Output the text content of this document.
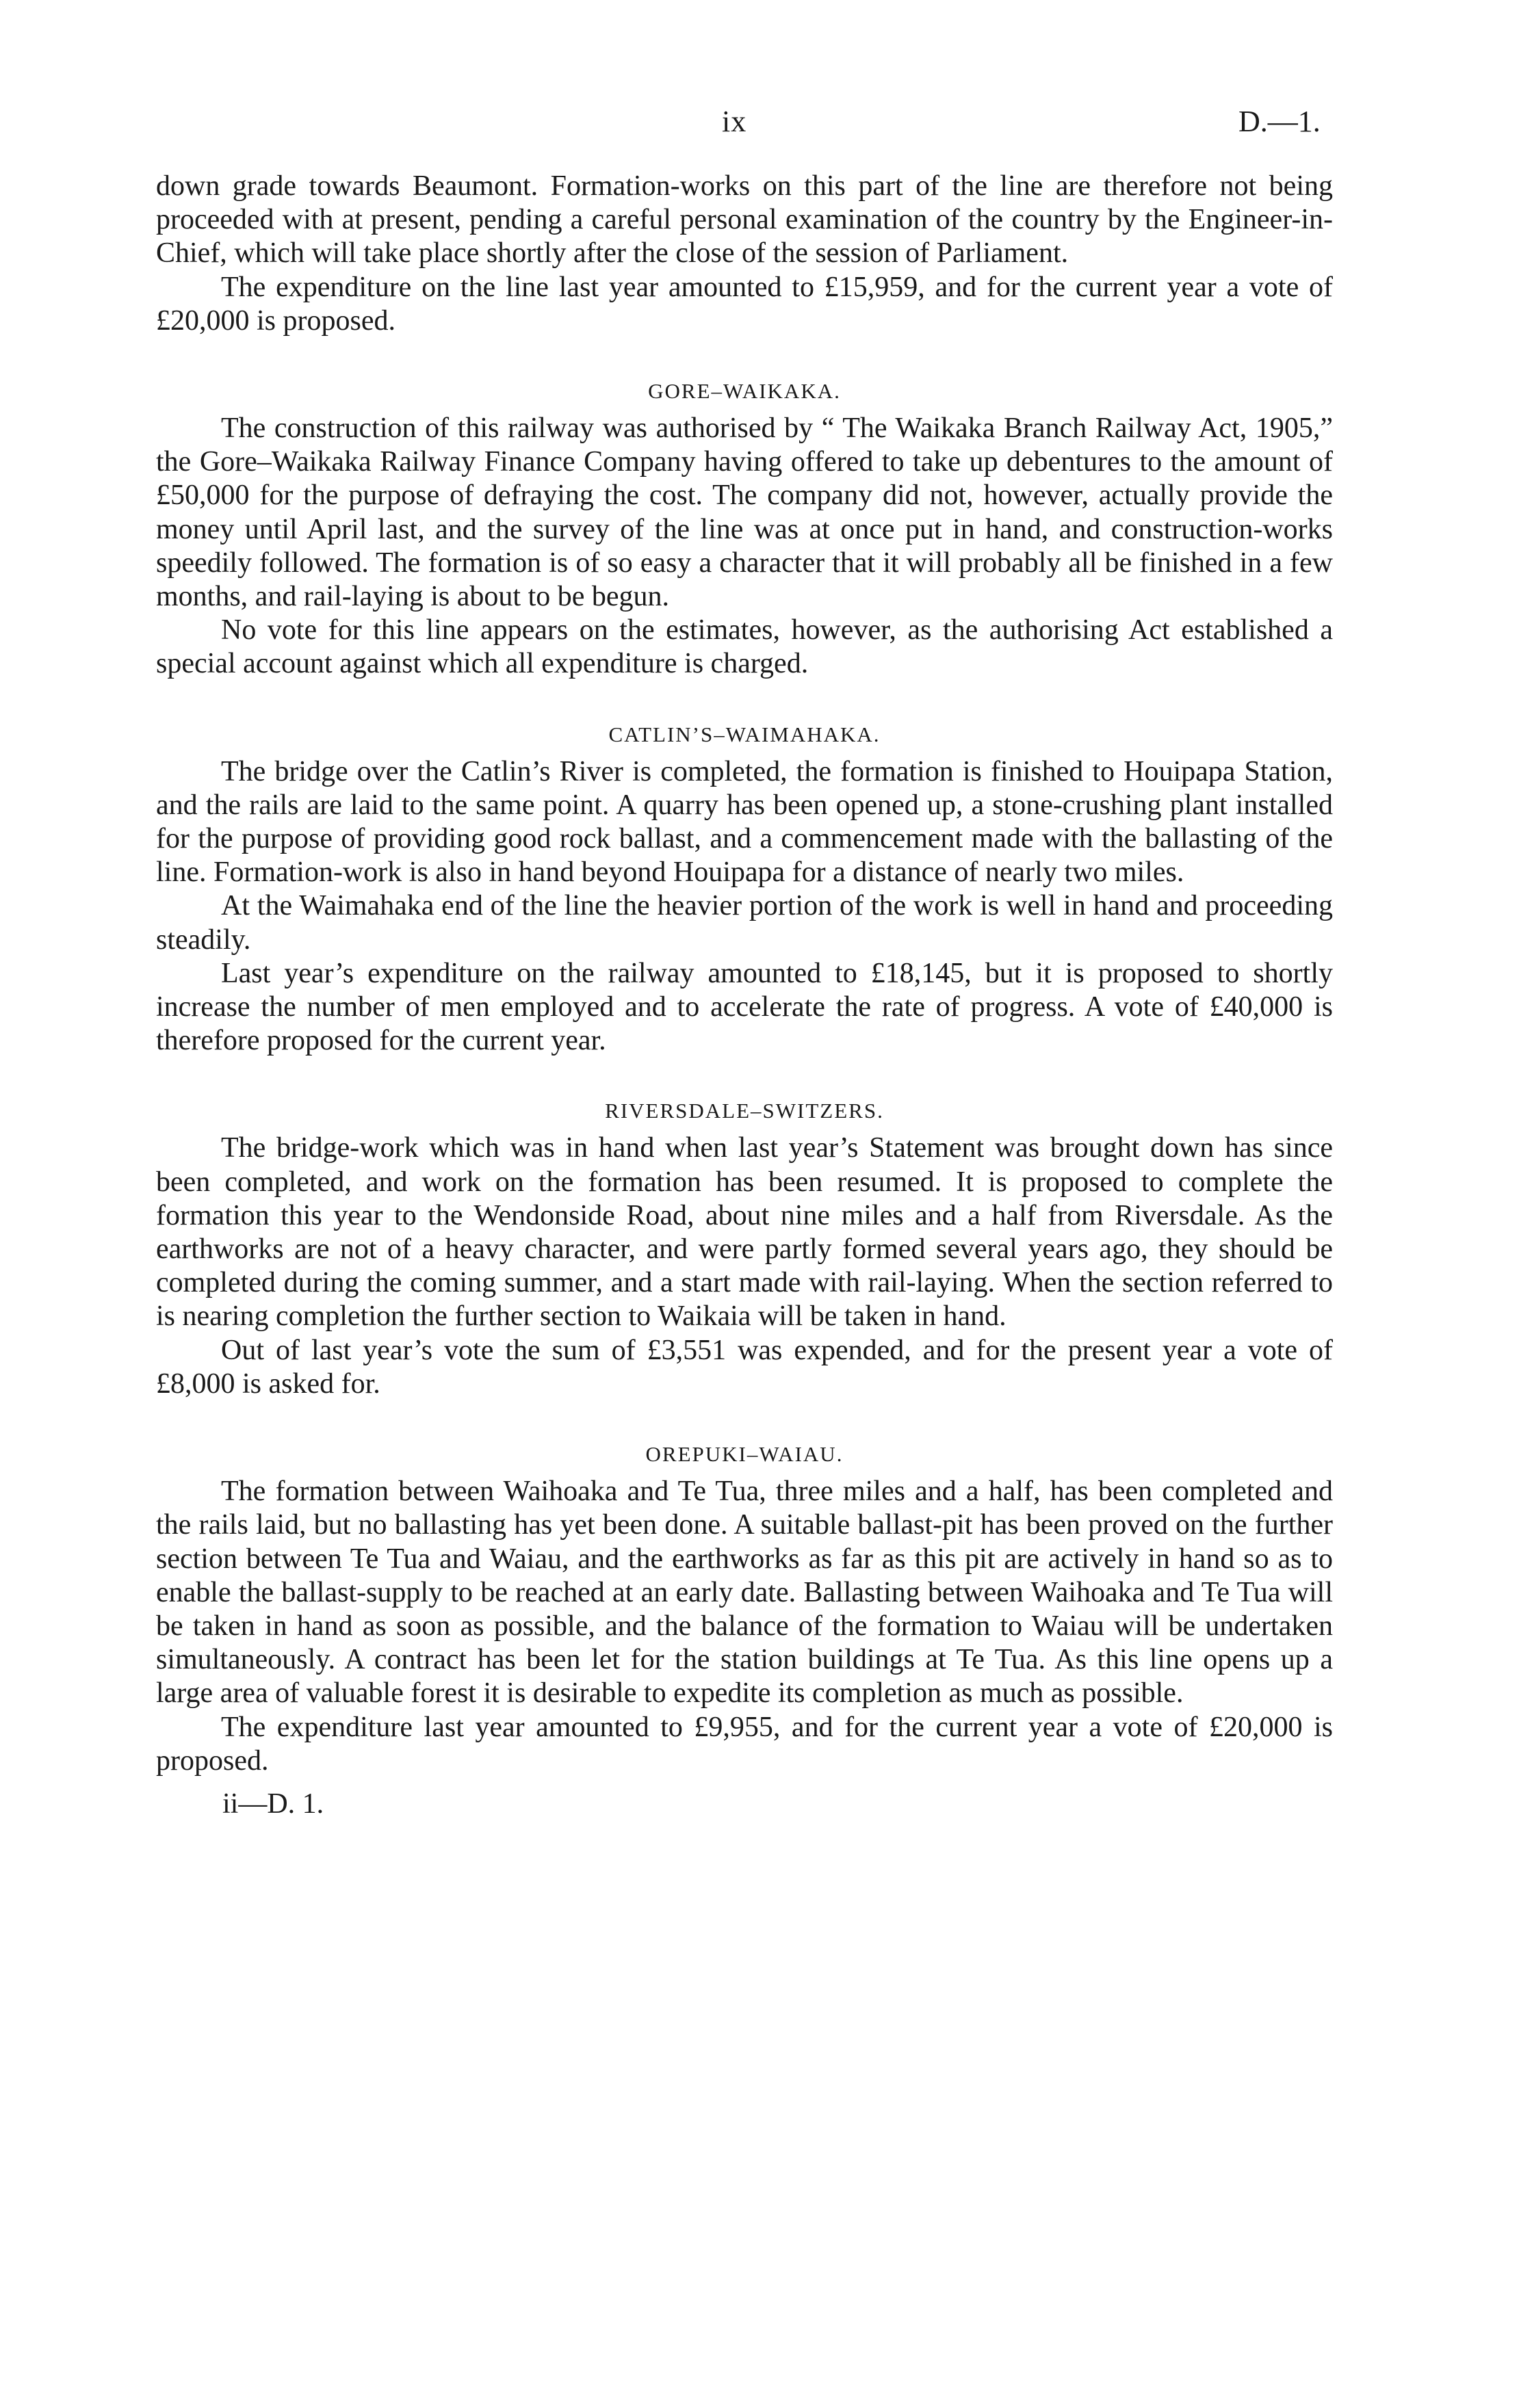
ix	D.—1.

down grade towards Beaumont. Formation-works on this part of the line are therefore not being proceeded with at present, pending a careful personal examination of the country by the Engineer-in-Chief, which will take place shortly after the close of the session of Parliament.

The expenditure on the line last year amounted to £15,959, and for the current year a vote of £20,000 is proposed.

GORE–WAIKAKA.

The construction of this railway was authorised by “ The Waikaka Branch Railway Act, 1905,” the Gore–Waikaka Railway Finance Company having offered to take up debentures to the amount of £50,000 for the purpose of defraying the cost. The company did not, however, actually provide the money until April last, and the survey of the line was at once put in hand, and construction-works speedily followed. The formation is of so easy a character that it will probably all be finished in a few months, and rail-laying is about to be begun.

No vote for this line appears on the estimates, however, as the authorising Act established a special account against which all expenditure is charged.

CATLIN’S–WAIMAHAKA.

The bridge over the Catlin’s River is completed, the formation is finished to Houipapa Station, and the rails are laid to the same point. A quarry has been opened up, a stone-crushing plant installed for the purpose of providing good rock ballast, and a commencement made with the ballasting of the line. Formation-work is also in hand beyond Houipapa for a distance of nearly two miles.

At the Waimahaka end of the line the heavier portion of the work is well in hand and proceeding steadily.

Last year’s expenditure on the railway amounted to £18,145, but it is proposed to shortly increase the number of men employed and to accelerate the rate of progress. A vote of £40,000 is therefore proposed for the current year.

RIVERSDALE–SWITZERS.

The bridge-work which was in hand when last year’s Statement was brought down has since been completed, and work on the formation has been resumed. It is proposed to complete the formation this year to the Wendonside Road, about nine miles and a half from Riversdale. As the earthworks are not of a heavy character, and were partly formed several years ago, they should be completed during the coming summer, and a start made with rail-laying. When the section referred to is nearing completion the further section to Waikaia will be taken in hand.

Out of last year’s vote the sum of £3,551 was expended, and for the present year a vote of £8,000 is asked for.

OREPUKI–WAIAU.

The formation between Waihoaka and Te Tua, three miles and a half, has been completed and the rails laid, but no ballasting has yet been done. A suitable ballast-pit has been proved on the further section between Te Tua and Waiau, and the earthworks as far as this pit are actively in hand so as to enable the ballast-supply to be reached at an early date. Ballasting between Waihoaka and Te Tua will be taken in hand as soon as possible, and the balance of the formation to Waiau will be undertaken simultaneously. A contract has been let for the station buildings at Te Tua. As this line opens up a large area of valuable forest it is desirable to expedite its completion as much as possible.

The expenditure last year amounted to £9,955, and for the current year a vote of £20,000 is proposed.

ii—D. 1.
